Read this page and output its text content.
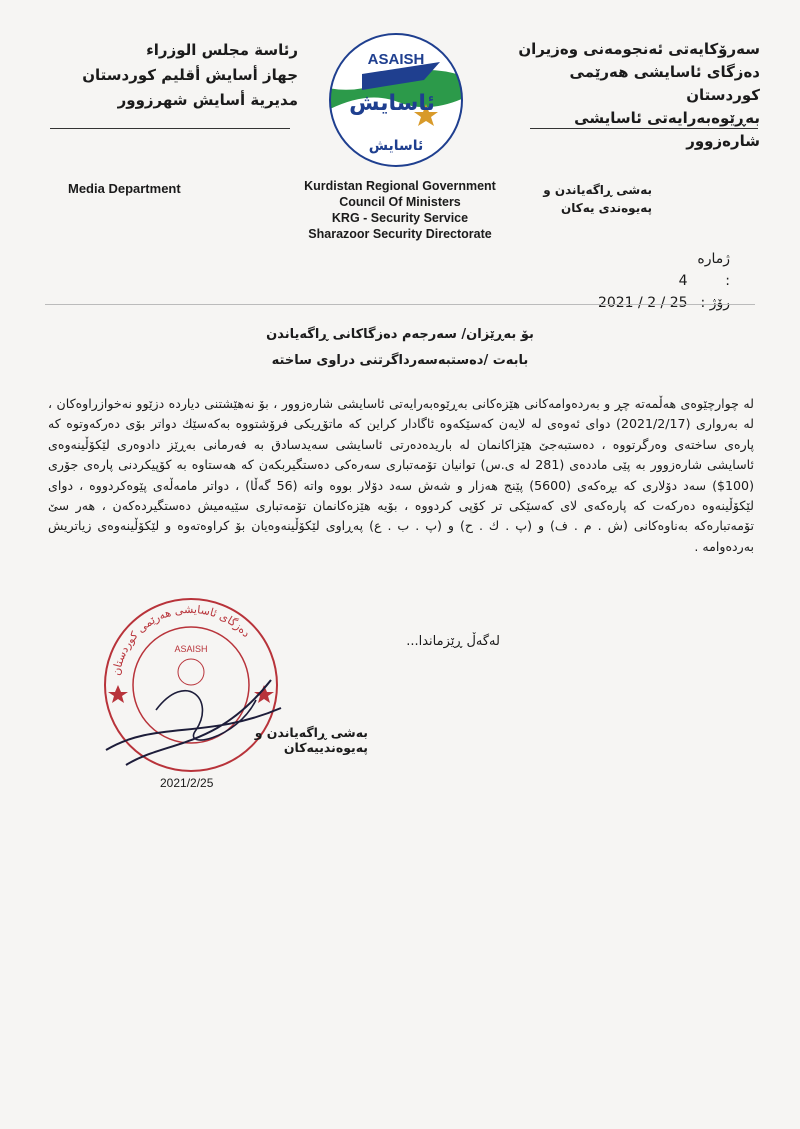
سەرۆکایەتی ئەنجومەنی وەزیران
دەزگای ئاسایشی هەرێمی کوردستان
بەڕێوەبەرایەتی ئاسایشی شارەزوور
رئاسة مجلس الوزراء
جهاز أسايش أقليم كوردستان
مديرية أسايش شهرزوور
ASAISH
ئاسایش
ئاسایش
Media Department	Kurdistan Regional Government
Council Of Ministers
KRG - Security Service
Sharazoor Security Directorate
بەشی ڕاگەیاندن و
پەیوەندی یەکان
ژمارە : 4
رۆژ : 2021 / 2 / 25
بۆ بەڕێزان/ سەرجەم دەزگاکانی ڕاگەیاندن
بابەت /دەستبەسەرداگرتنی دراوی ساختە
لە چوارچێوەی هەڵمەتە چڕ و بەردەوامەکانی هێزەکانی بەڕێوەبەرایەتی ئاسایشی شارەزوور ، بۆ نەهێشتنی دیاردە دزێوو نەخوازراوەکان ، لە بەرواری (2021/2/17) دوای ئەوەی لە لایەن کەسێکەوە ئاگادار کراین کە ماتۆڕیکی فرۆشتووە بەکەسێك دواتر بۆی دەرکەوتوە کە پارەی ساختەی وەرگرتووە ، دەستبەجێ هێزاکانمان لە باریدەدەرتی ئاسایشی سەیدسادق بە فەرمانی بەڕێز دادوەری لێکۆڵینەوەی ئاسایشی شارەزوور بە پێی ماددەی (281 لە ی.س) توانیان تۆمەتباری سەرەکی دەستگیربکەن کە هەستاوە بە کۆپیکردنی پارەی جۆری (100$) سەد دۆلاری کە بڕەکەی (5600) پێنج هەزار و شەش سەد دۆلار بووە واتە (56 گەڵا) ، دواتر مامەڵەی پێوەکردووە ، دوای لێکۆڵینەوە دەرکەت کە پارەکەی لای کەسێکی تر کۆپی کردووە ، بۆیە هێزەکانمان تۆمەتباری سێیەمیش دەستگیردەکەن ، هەر سێ تۆمەتبارەکە بەناوەکانی (ش . م . ف) و (پ . ك . ح) و (پ . ب . ع) پەڕاوی لێکۆڵینەوەیان بۆ کراوەتەوە و لێکۆڵینەوەی زیاتریش بەردەوامە .
لەگەڵ ڕێزماندا...
دەزگای ئاسایشی هەرێمی کوردستان
ASAISH
بەشی ڕاگەیاندن و پەیوەندییەکان
2021/2/25
